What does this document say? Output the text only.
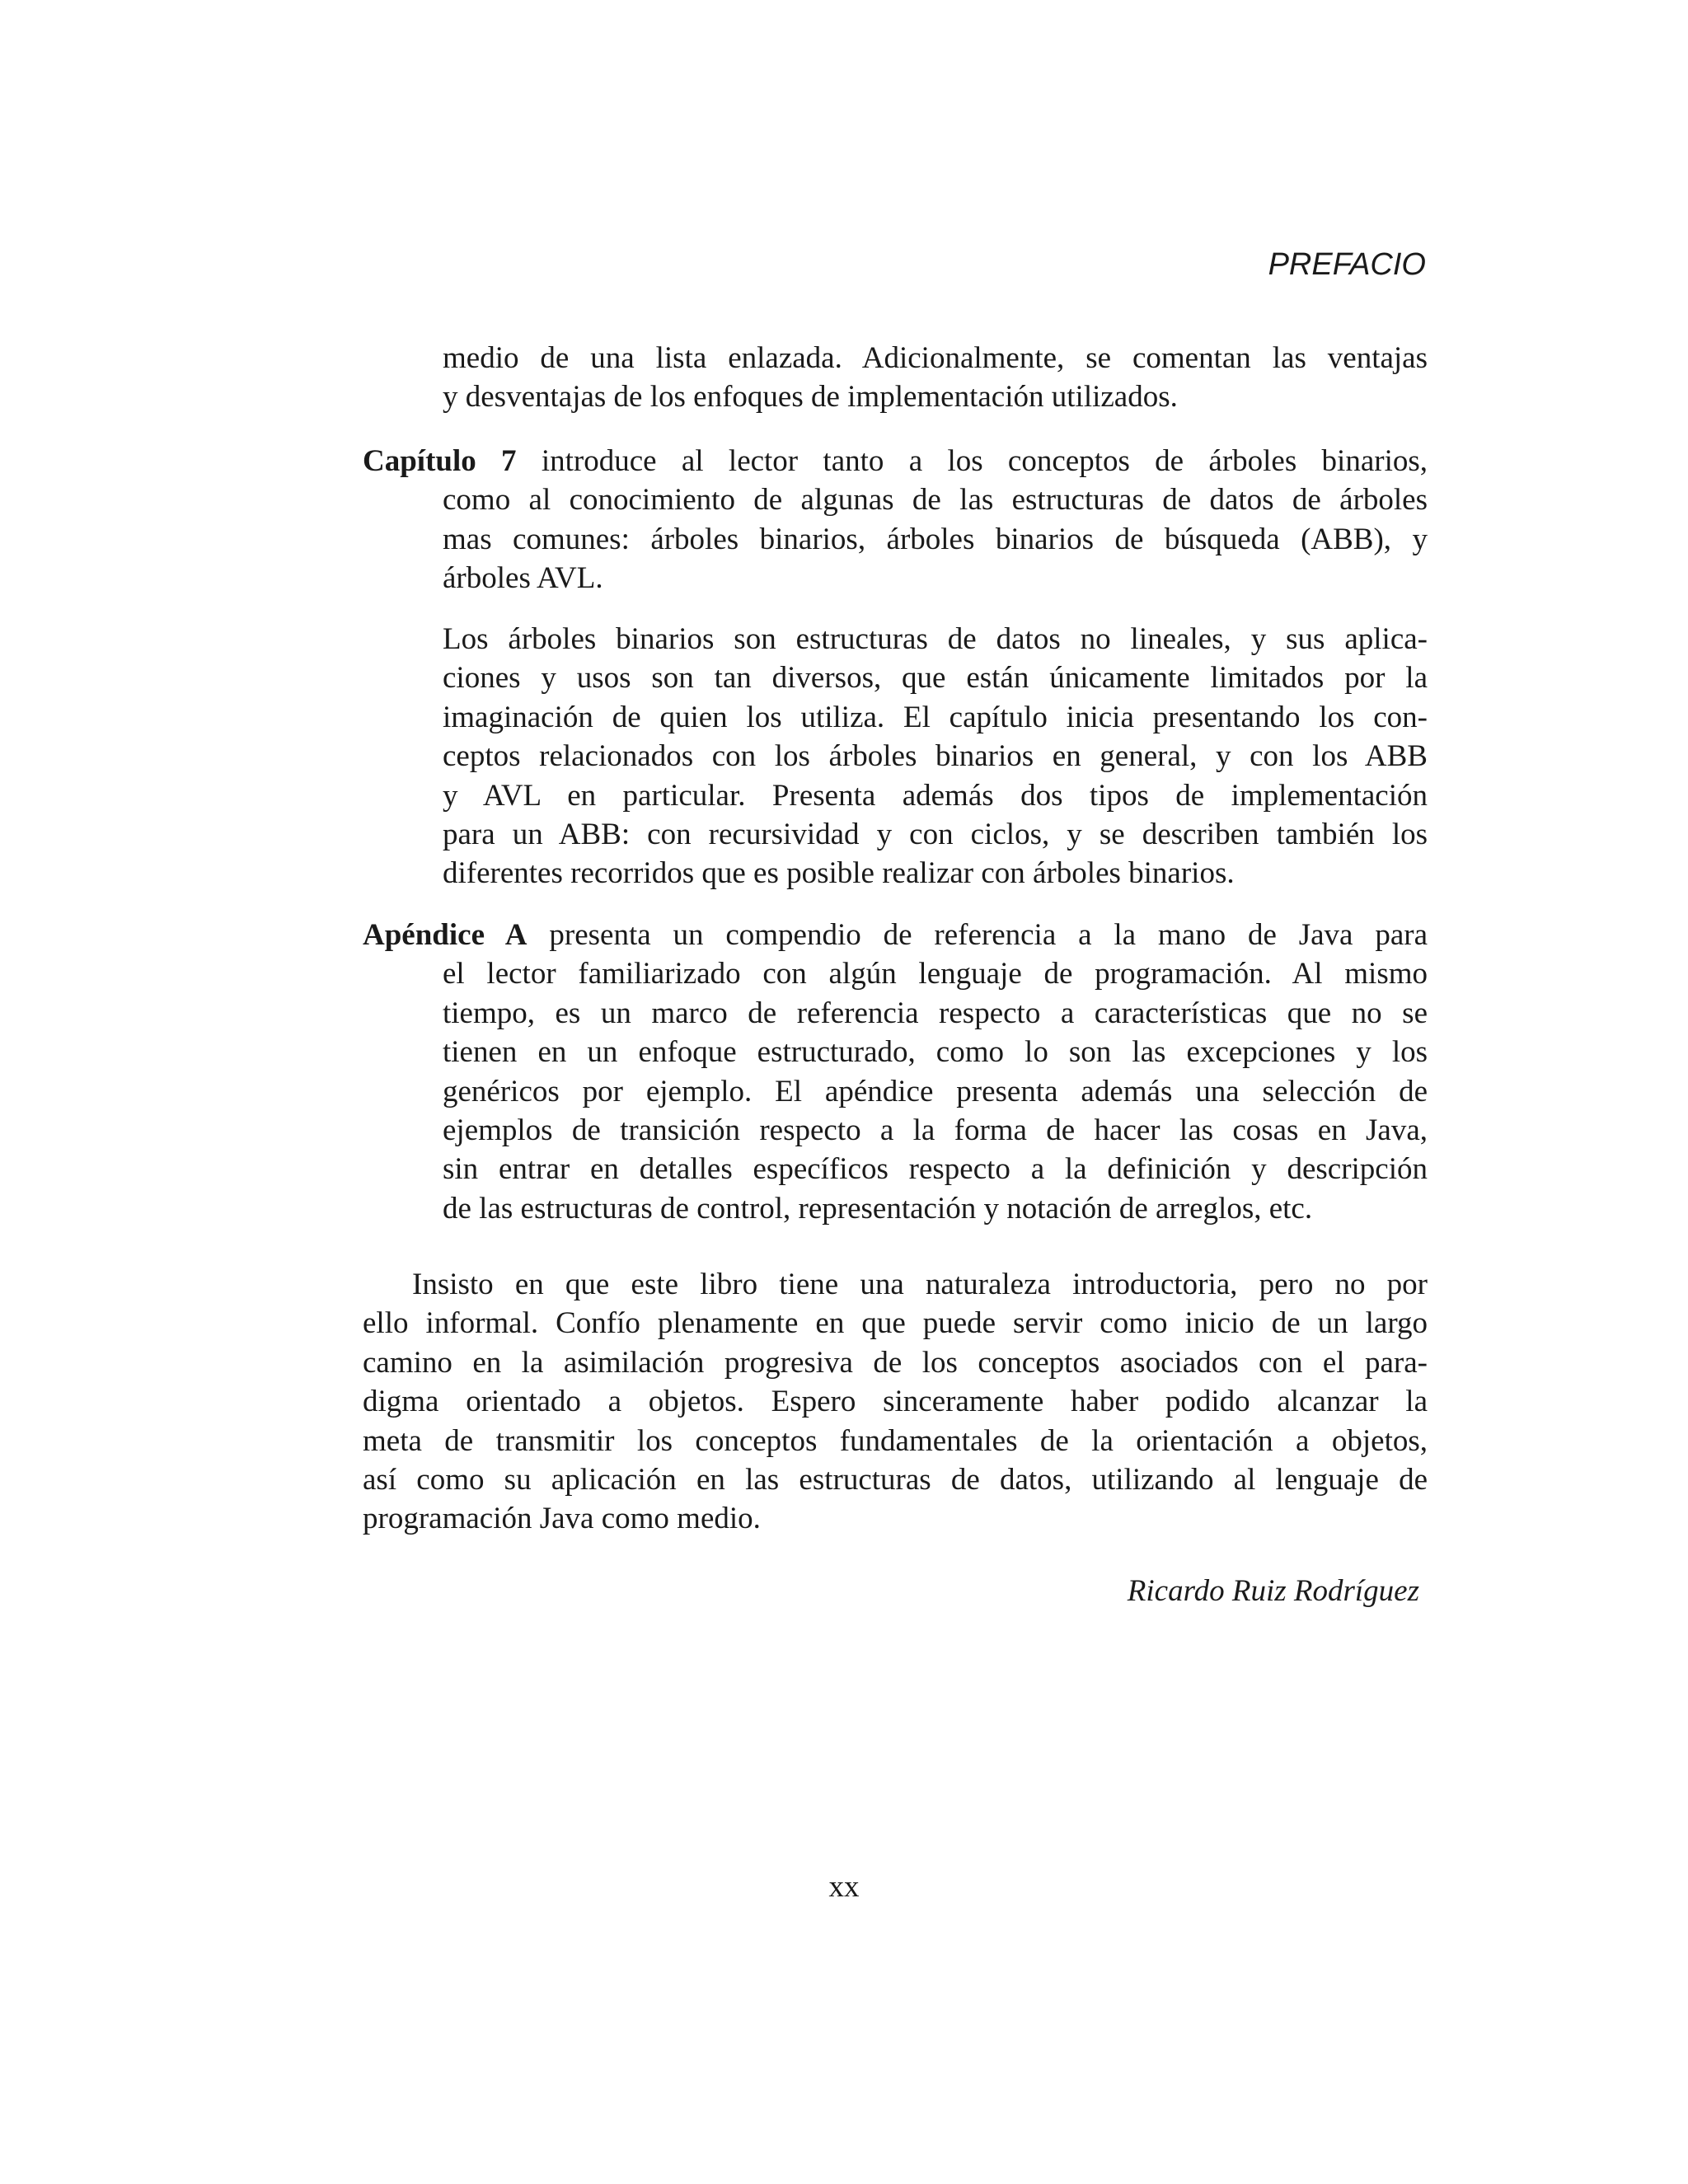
PREFACIO
medio de una lista enlazada. Adicionalmente, se comentan las ventajas
y desventajas de los enfoques de implementación utilizados.
Capítulo 7 introduce al lector tanto a los conceptos de árboles binarios,
como al conocimiento de algunas de las estructuras de datos de árboles
mas comunes: árboles binarios, árboles binarios de búsqueda (ABB), y
árboles AVL.
Los árboles binarios son estructuras de datos no lineales, y sus aplica-
ciones y usos son tan diversos, que están únicamente limitados por la
imaginación de quien los utiliza. El capítulo inicia presentando los con-
ceptos relacionados con los árboles binarios en general, y con los ABB
y AVL en particular. Presenta además dos tipos de implementación
para un ABB: con recursividad y con ciclos, y se describen también los
diferentes recorridos que es posible realizar con árboles binarios.
Apéndice A presenta un compendio de referencia a la mano de Java para
el lector familiarizado con algún lenguaje de programación. Al mismo
tiempo, es un marco de referencia respecto a características que no se
tienen en un enfoque estructurado, como lo son las excepciones y los
genéricos por ejemplo. El apéndice presenta además una selección de
ejemplos de transición respecto a la forma de hacer las cosas en Java,
sin entrar en detalles específicos respecto a la definición y descripción
de las estructuras de control, representación y notación de arreglos, etc.
Insisto en que este libro tiene una naturaleza introductoria, pero no por
ello informal. Confío plenamente en que puede servir como inicio de un largo
camino en la asimilación progresiva de los conceptos asociados con el para-
digma orientado a objetos. Espero sinceramente haber podido alcanzar la
meta de transmitir los conceptos fundamentales de la orientación a objetos,
así como su aplicación en las estructuras de datos, utilizando al lenguaje de
programación Java como medio.
Ricardo Ruiz Rodríguez
xx
